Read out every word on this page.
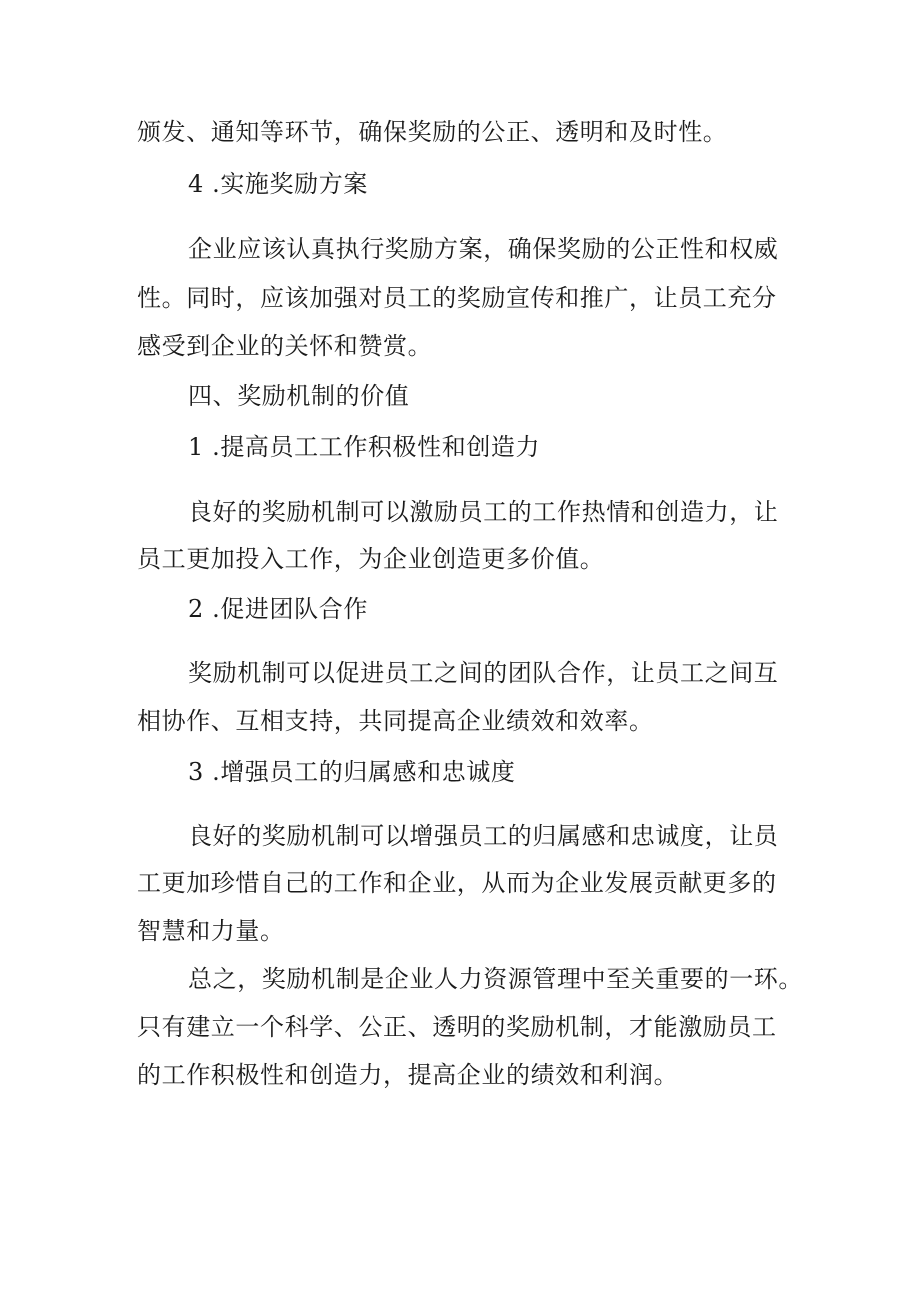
颁发、通知等环节，确保奖励的公正、透明和及时性。
4 .实施奖励方案
企业应该认真执行奖励方案，确保奖励的公正性和权威
性。同时，应该加强对员工的奖励宣传和推广，让员工充分
感受到企业的关怀和赞赏。
四、奖励机制的价值
1 .提高员工工作积极性和创造力
良好的奖励机制可以激励员工的工作热情和创造力，让
员工更加投入工作，为企业创造更多价值。
2 .促进团队合作
奖励机制可以促进员工之间的团队合作，让员工之间互
相协作、互相支持，共同提高企业绩效和效率。
3 .增强员工的归属感和忠诚度
良好的奖励机制可以增强员工的归属感和忠诚度，让员
工更加珍惜自己的工作和企业，从而为企业发展贡献更多的
智慧和力量。
总之，奖励机制是企业人力资源管理中至关重要的一环。
只有建立一个科学、公正、透明的奖励机制，才能激励员工
的工作积极性和创造力，提高企业的绩效和利润。
